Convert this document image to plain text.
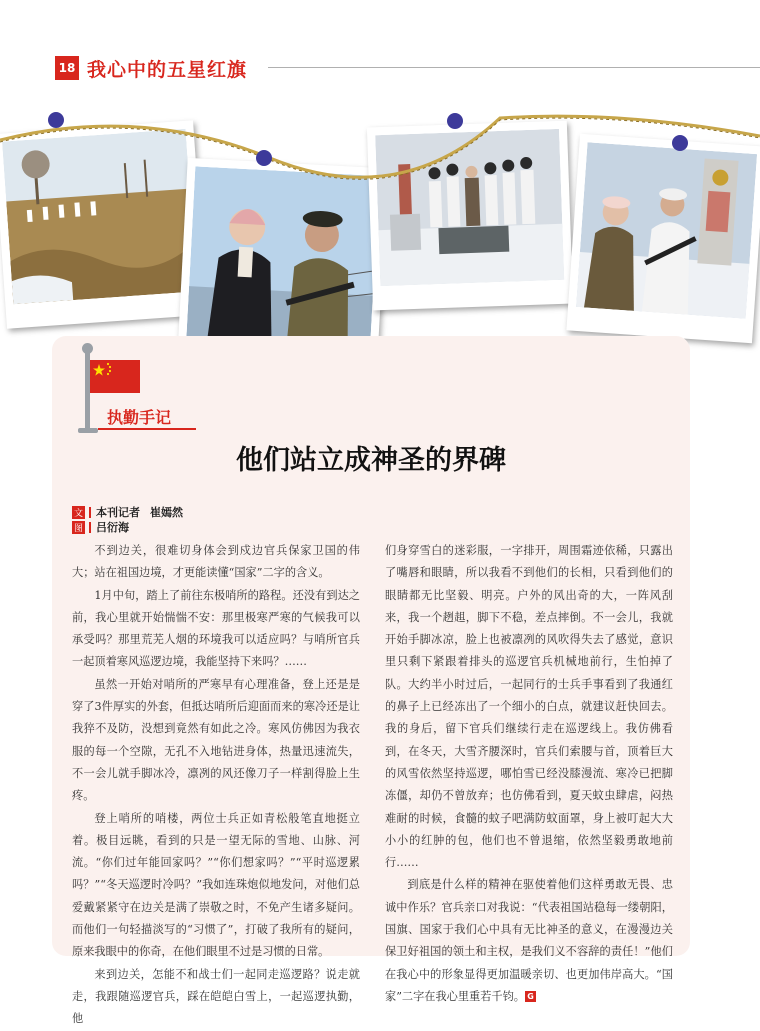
18 我心中的五星红旗
执勤手记
他们站立成神圣的界碑
文 本刊记者 崔嫣然
图 吕衍海

不到边关，很难切身体会到戍边官兵保家卫国的伟大；站在祖国边境，才更能读懂“国家”二字的含义。

1月中旬，踏上了前往东极哨所的路程。还没有到达之前，我心里就开始惴惴不安：那里极寒严寒的气候我可以承受吗？那里荒芜人烟的环境我可以适应吗？与哨所官兵一起顶着寒风巡逻边境，我能坚持下来吗？……

虽然一开始对哨所的严寒早有心理准备，登上还是是穿了3件厚实的外套，但抵达哨所后迎面而来的寒冷还是让我猝不及防，没想到竟然有如此之冷。寒风仿佛因为我衣服的每一个空隙，无孔不入地钻进身体，热量迅速流失，不一会儿就手脚冰冷，凛冽的风还像刀子一样割得脸上生疼。

登上哨所的哨楼，两位士兵正如青松般笔直地挺立着。极目远眺，看到的只是一望无际的雪地、山脉、河流。“你们过年能回家吗？”“你们想家吗？”“平时巡逻累吗？”“冬天巡逻时冷吗？”我如连珠炮似地发问，对他们总爱戴紧紧守在边关是满了崇敬之时，不免产生诸多疑问。而他们一句轻描淡写的“习惯了”，打破了我所有的疑问，原来我眼中的你奇，在他们眼里不过是习惯的日常。

来到边关，怎能不和战士们一起同走巡逻路？说走就走，我跟随巡逻官兵，踩在皑皑白雪上，一起巡逻执勤，他

们身穿雪白的迷彩服，一字排开，周围霜迹依稀，只露出了嘴唇和眼睛，所以我看不到他们的长相，只看到他们的眼睛都无比坚毅、明亮。户外的风出奇的大，一阵风刮来，我一个趔趄，脚下不稳，差点摔倒。不一会儿，我就开始手脚冰凉，脸上也被凛冽的风吹得失去了感觉，意识里只剩下紧跟着排头的巡逻官兵机械地前行，生怕掉了队。大约半小时过后，一起同行的士兵手事看到了我通红的鼻子上已经冻出了一个细小的白点，就建议赶快回去。我的身后，留下官兵们继续行走在巡逻线上。我仿佛看到，在冬天，大雪齐腰深时，官兵们索腰与首，顶着巨大的风雪依然坚持巡逻，哪怕雪已经没膝漫流、寒冷已把脚冻僵，却仍不曾放弃；也仿佛看到，夏天蚊虫肆虐，闷热难耐的时候，食髓的蚊子吧满防蚊面罩，身上被叮起大大小小的红肿的包，他们也不曾退缩，依然坚毅勇敢地前行……

到底是什么样的精神在驱使着他们这样勇敢无畏、忠诚中作乐？官兵亲口对我说：“代表祖国站稳每一缕朝阳，国旗、国家于我们心中具有无比神圣的意义，在漫漫边关保卫好祖国的领土和主权，是我们义不容辞的责任！”他们在我心中的形象显得更加温暖亲切、也更加伟岸高大。“国家”二字在我心里重若千钧。 G
